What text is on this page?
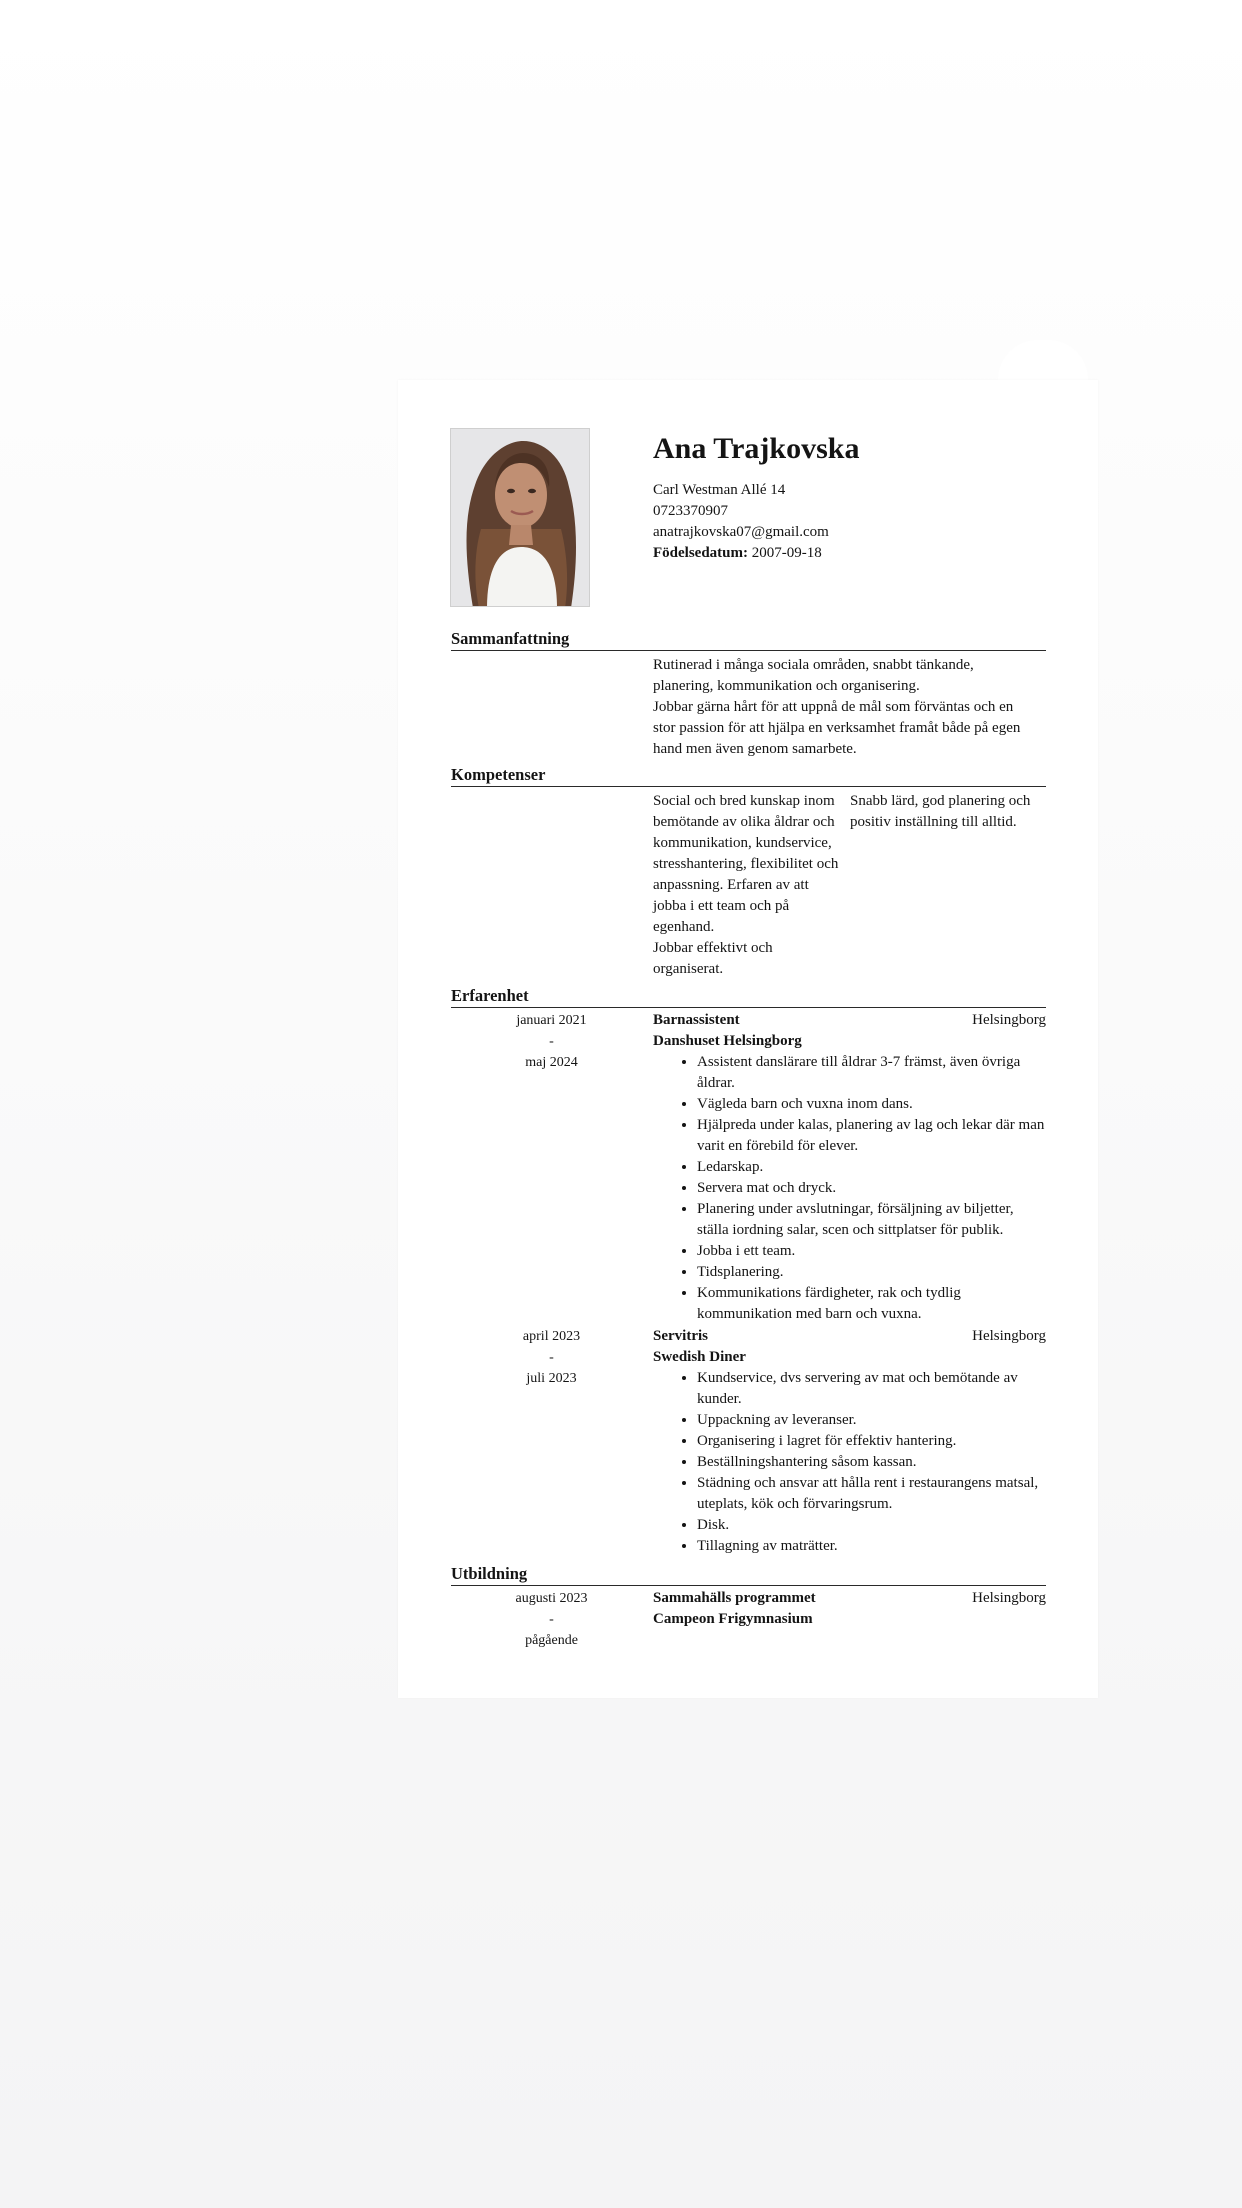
Ana Trajkovska
Carl Westman Allé 14
0723370907
anatrajkovska07@gmail.com
Födelsedatum: 2007-09-18
Sammanfattning
Rutinerad i många sociala områden, snabbt tänkande,
planering, kommunikation och organisering.
Jobbar gärna hårt för att uppnå de mål som förväntas och en
stor passion för att hjälpa en verksamhet framåt både på egen
hand men även genom samarbete.
Kompetenser
Social och bred kunskap inom
bemötande av olika åldrar och
kommunikation, kundservice,
stresshantering, flexibilitet och
anpassning. Erfaren av att
jobba i ett team och på
egenhand.
Jobbar effektivt och
organiserat.
Snabb lärd, god planering och
positiv inställning till alltid.
Erfarenhet
januari 2021
-
maj 2024
Barnassistent	Helsingborg
Danshuset Helsingborg
• Assistent danslärare till åldrar 3-7 främst, även övriga åldrar.
• Vägleda barn och vuxna inom dans.
• Hjälpreda under kalas, planering av lag och lekar där man varit en förebild för elever.
• Ledarskap.
• Servera mat och dryck.
• Planering under avslutningar, försäljning av biljetter, ställa iordning salar, scen och sittplatser för publik.
• Jobba i ett team.
• Tidsplanering.
• Kommunikations färdigheter, rak och tydlig kommunikation med barn och vuxna.
april 2023
-
juli 2023
Servitris	Helsingborg
Swedish Diner
• Kundservice, dvs servering av mat och bemötande av kunder.
• Uppackning av leveranser.
• Organisering i lagret för effektiv hantering.
• Beställningshantering såsom kassan.
• Städning och ansvar att hålla rent i restaurangens matsal, uteplats, kök och förvaringsrum.
• Disk.
• Tillagning av maträtter.
Utbildning
augusti 2023
-
pågående
Sammahälls programmet	Helsingborg
Campeon Frigymnasium
